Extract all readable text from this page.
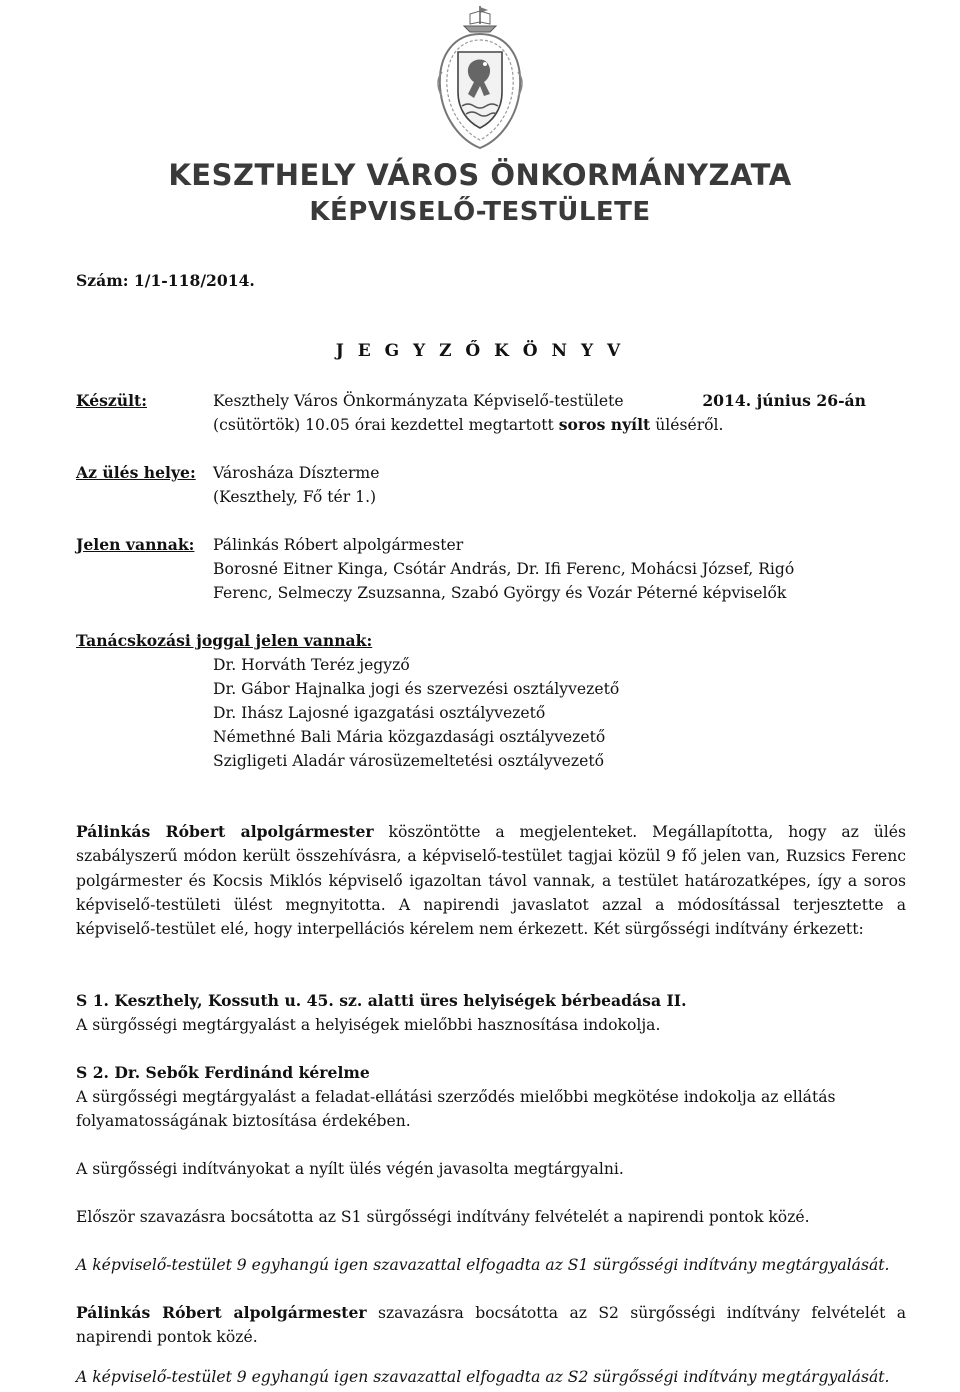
KESZTHELY VÁROS ÖNKORMÁNYZATA
KÉPVISELŐ-TESTÜLETE
Szám: 1/1-118/2014.
J E G Y Z Ő K Ö N Y V
Készült:	Keszthely Város Önkormányzata Képviselő-testülete	2014. június 26-án
(csütörtök) 10.05 órai kezdettel megtartott soros nyílt üléséről.
Az ülés helye:	Városháza Díszterme
(Keszthely, Fő tér 1.)
Jelen vannak:	Pálinkás Róbert alpolgármester
Borosné Eitner Kinga, Csótár András, Dr. Ifi Ferenc, Mohácsi József, Rigó
Ferenc, Selmeczy Zsuzsanna, Szabó György és Vozár Péterné képviselők
Tanácskozási joggal jelen vannak:
Dr. Horváth Teréz jegyző
Dr. Gábor Hajnalka jogi és szervezési osztályvezető
Dr. Ihász Lajosné igazgatási osztályvezető
Némethné Bali Mária közgazdasági osztályvezető
Szigligeti Aladár városüzemeltetési osztályvezető
Pálinkás Róbert alpolgármester köszöntötte a megjelenteket. Megállapította, hogy az ülés szabályszerű módon került összehívásra, a képviselő-testület tagjai közül 9 fő jelen van, Ruzsics Ferenc polgármester és Kocsis Miklós képviselő igazoltan távol vannak, a testület határozatképes, így a soros képviselő-testületi ülést megnyitotta. A napirendi javaslatot azzal a módosítással terjesztette a képviselő-testület elé, hogy interpellációs kérelem nem érkezett. Két sürgősségi indítvány érkezett:
S 1. Keszthely, Kossuth u. 45. sz. alatti üres helyiségek bérbeadása II.
A sürgősségi megtárgyalást a helyiségek mielőbbi hasznosítása indokolja.
S 2. Dr. Sebők Ferdinánd kérelme
A sürgősségi megtárgyalást a feladat-ellátási szerződés mielőbbi megkötése indokolja az ellátás
folyamatosságának biztosítása érdekében.
A sürgősségi indítványokat a nyílt ülés végén javasolta megtárgyalni.
Először szavazásra bocsátotta az S1 sürgősségi indítvány felvételét a napirendi pontok közé.
A képviselő-testület 9 egyhangú igen szavazattal elfogadta az S1 sürgősségi indítvány megtárgyalását.
Pálinkás Róbert alpolgármester szavazásra bocsátotta az S2 sürgősségi indítvány felvételét a napirendi pontok közé.
A képviselő-testület 9 egyhangú igen szavazattal elfogadta az S2 sürgősségi indítvány megtárgyalását.
